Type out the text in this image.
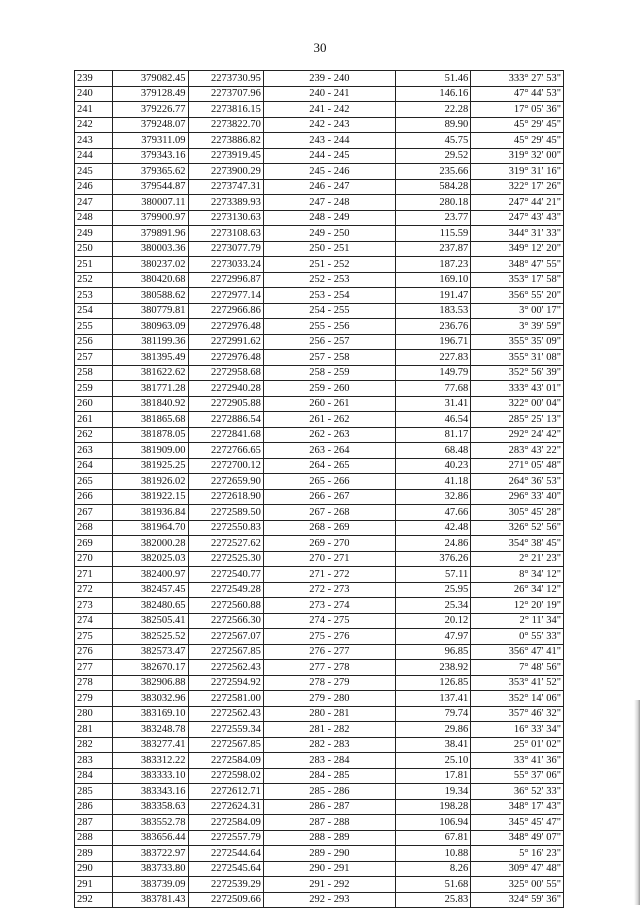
30
239	379082.45	2273730.95	239 - 240	51.46	333° 27' 53"
240	379128.49	2273707.96	240 - 241	146.16	47° 44' 53"
241	379226.77	2273816.15	241 - 242	22.28	17° 05' 36"
242	379248.07	2273822.70	242 - 243	89.90	45° 29' 45"
243	379311.09	2273886.82	243 - 244	45.75	45° 29' 45"
244	379343.16	2273919.45	244 - 245	29.52	319° 32' 00"
245	379365.62	2273900.29	245 - 246	235.66	319° 31' 16"
246	379544.87	2273747.31	246 - 247	584.28	322° 17' 26"
247	380007.11	2273389.93	247 - 248	280.18	247° 44' 21"
248	379900.97	2273130.63	248 - 249	23.77	247° 43' 43"
249	379891.96	2273108.63	249 - 250	115.59	344° 31' 33"
250	380003.36	2273077.79	250 - 251	237.87	349° 12' 20"
251	380237.02	2273033.24	251 - 252	187.23	348° 47' 55"
252	380420.68	2272996.87	252 - 253	169.10	353° 17' 58"
253	380588.62	2272977.14	253 - 254	191.47	356° 55' 20"
254	380779.81	2272966.86	254 - 255	183.53	3° 00' 17"
255	380963.09	2272976.48	255 - 256	236.76	3° 39' 59"
256	381199.36	2272991.62	256 - 257	196.71	355° 35' 09"
257	381395.49	2272976.48	257 - 258	227.83	355° 31' 08"
258	381622.62	2272958.68	258 - 259	149.79	352° 56' 39"
259	381771.28	2272940.28	259 - 260	77.68	333° 43' 01"
260	381840.92	2272905.88	260 - 261	31.41	322° 00' 04"
261	381865.68	2272886.54	261 - 262	46.54	285° 25' 13"
262	381878.05	2272841.68	262 - 263	81.17	292° 24' 42"
263	381909.00	2272766.65	263 - 264	68.48	283° 43' 22"
264	381925.25	2272700.12	264 - 265	40.23	271° 05' 48"
265	381926.02	2272659.90	265 - 266	41.18	264° 36' 53"
266	381922.15	2272618.90	266 - 267	32.86	296° 33' 40"
267	381936.84	2272589.50	267 - 268	47.66	305° 45' 28"
268	381964.70	2272550.83	268 - 269	42.48	326° 52' 56"
269	382000.28	2272527.62	269 - 270	24.86	354° 38' 45"
270	382025.03	2272525.30	270 - 271	376.26	2° 21' 23"
271	382400.97	2272540.77	271 - 272	57.11	8° 34' 12"
272	382457.45	2272549.28	272 - 273	25.95	26° 34' 12"
273	382480.65	2272560.88	273 - 274	25.34	12° 20' 19"
274	382505.41	2272566.30	274 - 275	20.12	2° 11' 34"
275	382525.52	2272567.07	275 - 276	47.97	0° 55' 33"
276	382573.47	2272567.85	276 - 277	96.85	356° 47' 41"
277	382670.17	2272562.43	277 - 278	238.92	7° 48' 56"
278	382906.88	2272594.92	278 - 279	126.85	353° 41' 52"
279	383032.96	2272581.00	279 - 280	137.41	352° 14' 06"
280	383169.10	2272562.43	280 - 281	79.74	357° 46' 32"
281	383248.78	2272559.34	281 - 282	29.86	16° 33' 34"
282	383277.41	2272567.85	282 - 283	38.41	25° 01' 02"
283	383312.22	2272584.09	283 - 284	25.10	33° 41' 36"
284	383333.10	2272598.02	284 - 285	17.81	55° 37' 06"
285	383343.16	2272612.71	285 - 286	19.34	36° 52' 33"
286	383358.63	2272624.31	286 - 287	198.28	348° 17' 43"
287	383552.78	2272584.09	287 - 288	106.94	345° 45' 47"
288	383656.44	2272557.79	288 - 289	67.81	348° 49' 07"
289	383722.97	2272544.64	289 - 290	10.88	5° 16' 23"
290	383733.80	2272545.64	290 - 291	8.26	309° 47' 48"
291	383739.09	2272539.29	291 - 292	51.68	325° 00' 55"
292	383781.43	2272509.66	292 - 293	25.83	324° 59' 36"
